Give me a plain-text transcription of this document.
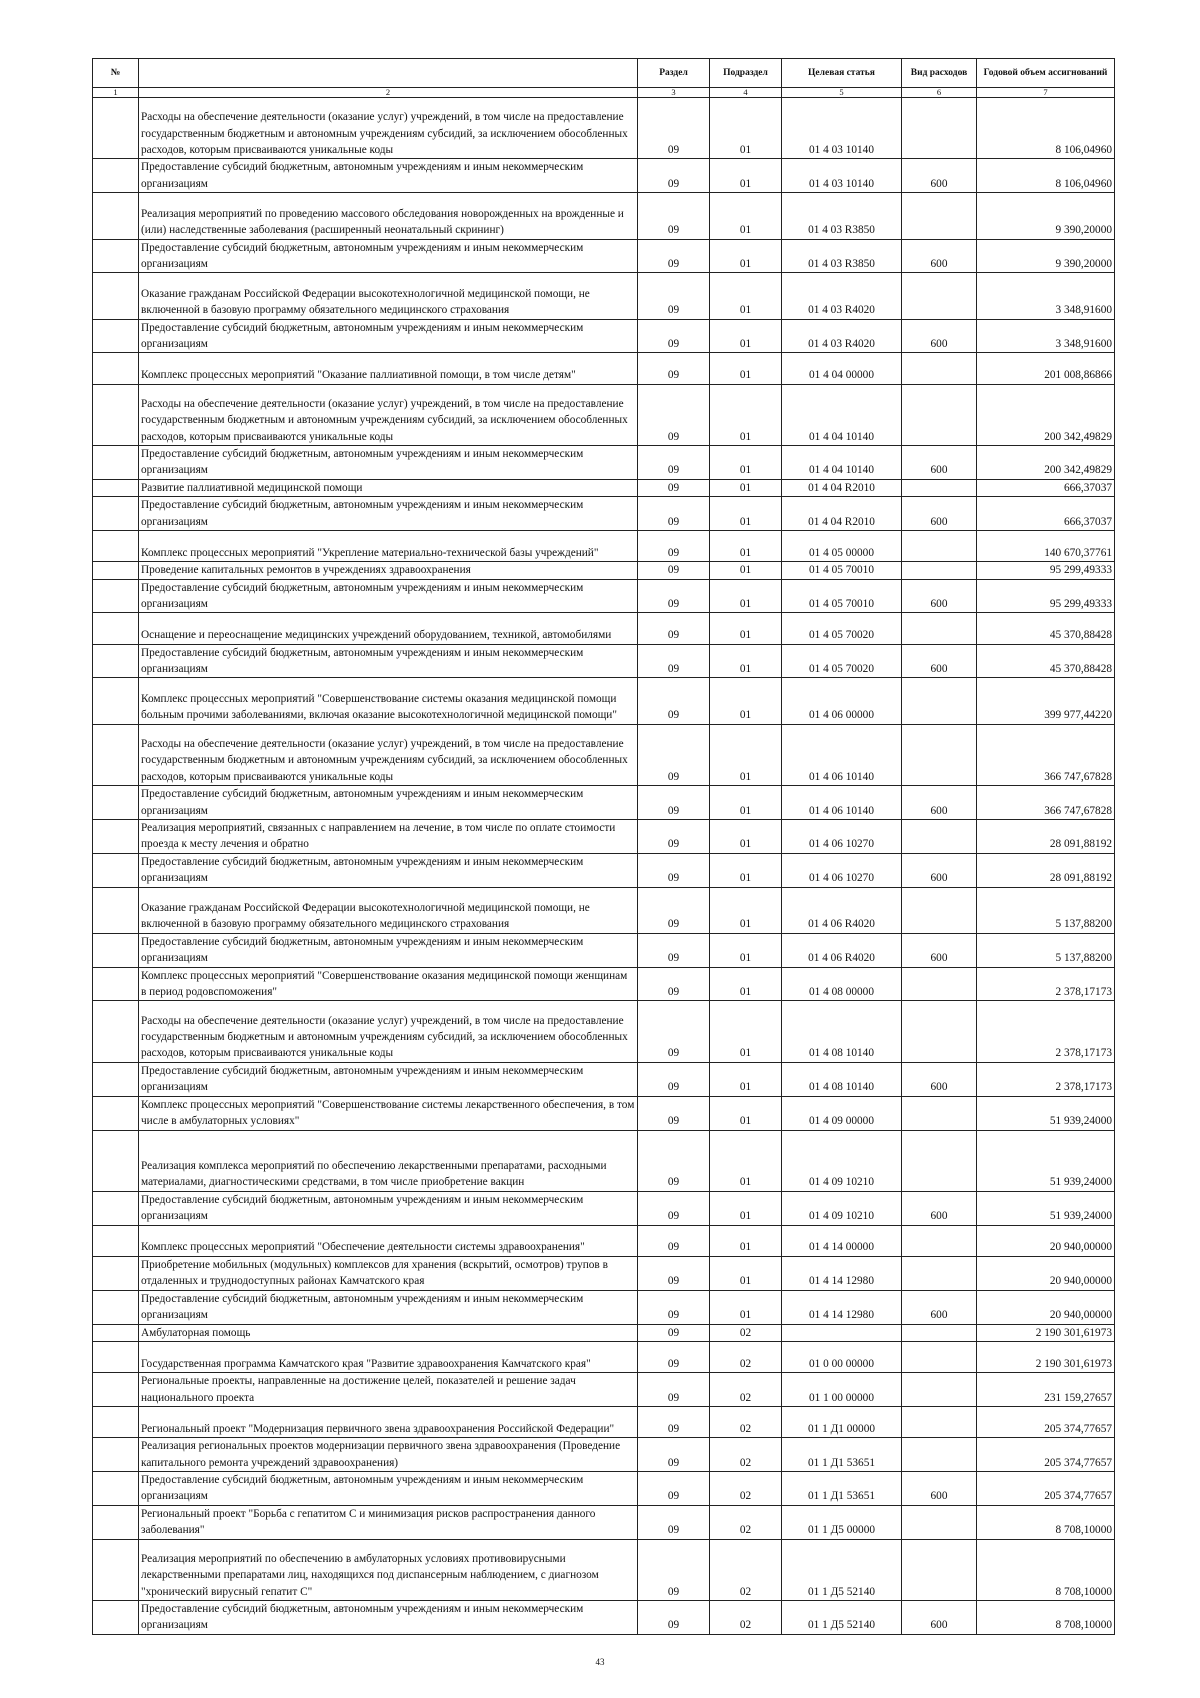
№		Раздел	Подраздел	Целевая статья	Вид расходов	Годовой объем ассигнований
1	2	3	4	5	6	7
	Расходы на обеспечение деятельности (оказание услуг) учреждений, в том числе на предоставление государственным бюджетным и автономным учреждениям субсидий, за исключением обособленных расходов, которым присваиваются уникальные коды	09	01	01 4 03 10140		8 106,04960
	Предоставление субсидий бюджетным, автономным учреждениям и иным некоммерческим организациям	09	01	01 4 03 10140	600	8 106,04960
	Реализация мероприятий по проведению массового обследования новорожденных на врожденные и (или) наследственные заболевания (расширенный неонатальный скрининг)	09	01	01 4 03 R3850		9 390,20000
	Предоставление субсидий бюджетным, автономным учреждениям и иным некоммерческим организациям	09	01	01 4 03 R3850	600	9 390,20000
	Оказание гражданам Российской Федерации высокотехнологичной медицинской помощи, не включенной в базовую программу обязательного медицинского страхования	09	01	01 4 03 R4020		3 348,91600
	Предоставление субсидий бюджетным, автономным учреждениям и иным некоммерческим организациям	09	01	01 4 03 R4020	600	3 348,91600
	Комплекс процессных мероприятий "Оказание паллиативной помощи, в том числе детям"	09	01	01 4 04 00000		201 008,86866
	Расходы на обеспечение деятельности (оказание услуг) учреждений, в том числе на предоставление государственным бюджетным и автономным учреждениям субсидий, за исключением обособленных расходов, которым присваиваются уникальные коды	09	01	01 4 04 10140		200 342,49829
	Предоставление субсидий бюджетным, автономным учреждениям и иным некоммерческим организациям	09	01	01 4 04 10140	600	200 342,49829
	Развитие паллиативной медицинской помощи	09	01	01 4 04 R2010		666,37037
	Предоставление субсидий бюджетным, автономным учреждениям и иным некоммерческим организациям	09	01	01 4 04 R2010	600	666,37037
	Комплекс процессных мероприятий "Укрепление материально-технической базы учреждений"	09	01	01 4 05 00000		140 670,37761
	Проведение капитальных ремонтов в учреждениях здравоохранения	09	01	01 4 05 70010		95 299,49333
	Предоставление субсидий бюджетным, автономным учреждениям и иным некоммерческим организациям	09	01	01 4 05 70010	600	95 299,49333
	Оснащение и переоснащение медицинских учреждений оборудованием, техникой, автомобилями	09	01	01 4 05 70020		45 370,88428
	Предоставление субсидий бюджетным, автономным учреждениям и иным некоммерческим организациям	09	01	01 4 05 70020	600	45 370,88428
	Комплекс процессных мероприятий "Совершенствование системы оказания медицинской помощи больным прочими заболеваниями, включая оказание высокотехнологичной медицинской помощи"	09	01	01 4 06 00000		399 977,44220
	Расходы на обеспечение деятельности (оказание услуг) учреждений, в том числе на предоставление государственным бюджетным и автономным учреждениям субсидий, за исключением обособленных расходов, которым присваиваются уникальные коды	09	01	01 4 06 10140		366 747,67828
	Предоставление субсидий бюджетным, автономным учреждениям и иным некоммерческим организациям	09	01	01 4 06 10140	600	366 747,67828
	Реализация мероприятий, связанных с направлением на лечение, в том числе по оплате стоимости проезда к месту лечения и обратно	09	01	01 4 06 10270		28 091,88192
	Предоставление субсидий бюджетным, автономным учреждениям и иным некоммерческим организациям	09	01	01 4 06 10270	600	28 091,88192
	Оказание гражданам Российской Федерации высокотехнологичной медицинской помощи, не включенной в базовую программу обязательного медицинского страхования	09	01	01 4 06 R4020		5 137,88200
	Предоставление субсидий бюджетным, автономным учреждениям и иным некоммерческим организациям	09	01	01 4 06 R4020	600	5 137,88200
	Комплекс процессных мероприятий "Совершенствование оказания медицинской помощи женщинам в период родовспоможения"	09	01	01 4 08 00000		2 378,17173
	Расходы на обеспечение деятельности (оказание услуг) учреждений, в том числе на предоставление государственным бюджетным и автономным учреждениям субсидий, за исключением обособленных расходов, которым присваиваются уникальные коды	09	01	01 4 08 10140		2 378,17173
	Предоставление субсидий бюджетным, автономным учреждениям и иным некоммерческим организациям	09	01	01 4 08 10140	600	2 378,17173
	Комплекс процессных мероприятий "Совершенствование системы лекарственного обеспечения, в том числе в амбулаторных условиях"	09	01	01 4 09 00000		51 939,24000
	Реализация комплекса мероприятий по обеспечению лекарственными препаратами, расходными материалами, диагностическими средствами, в том числе приобретение вакцин	09	01	01 4 09 10210		51 939,24000
	Предоставление субсидий бюджетным, автономным учреждениям и иным некоммерческим организациям	09	01	01 4 09 10210	600	51 939,24000
	Комплекс процессных мероприятий "Обеспечение деятельности системы здравоохранения"	09	01	01 4 14 00000		20 940,00000
	Приобретение мобильных (модульных) комплексов для хранения (вскрытий, осмотров) трупов в отдаленных и труднодоступных районах Камчатского края	09	01	01 4 14 12980		20 940,00000
	Предоставление субсидий бюджетным, автономным учреждениям и иным некоммерческим организациям	09	01	01 4 14 12980	600	20 940,00000
	Амбулаторная помощь	09	02			2 190 301,61973
	Государственная программа Камчатского края "Развитие здравоохранения Камчатского края"	09	02	01 0 00 00000		2 190 301,61973
	Региональные проекты, направленные на достижение целей, показателей и решение задач национального проекта	09	02	01 1 00 00000		231 159,27657
	Региональный проект "Модернизация первичного звена здравоохранения Российской Федерации"	09	02	01 1 Д1 00000		205 374,77657
	Реализация региональных проектов модернизации первичного звена здравоохранения (Проведение капитального ремонта учреждений здравоохранения)	09	02	01 1 Д1 53651		205 374,77657
	Предоставление субсидий бюджетным, автономным учреждениям и иным некоммерческим организациям	09	02	01 1 Д1 53651	600	205 374,77657
	Региональный проект "Борьба с гепатитом С и минимизация рисков распространения данного заболевания"	09	02	01 1 Д5 00000		8 708,10000
	Реализация мероприятий по обеспечению в амбулаторных условиях противовирусными лекарственными препаратами лиц, находящихся под диспансерным наблюдением, с диагнозом "хронический вирусный гепатит С"	09	02	01 1 Д5 52140		8 708,10000
	Предоставление субсидий бюджетным, автономным учреждениям и иным некоммерческим организациям	09	02	01 1 Д5 52140	600	8 708,10000
43
